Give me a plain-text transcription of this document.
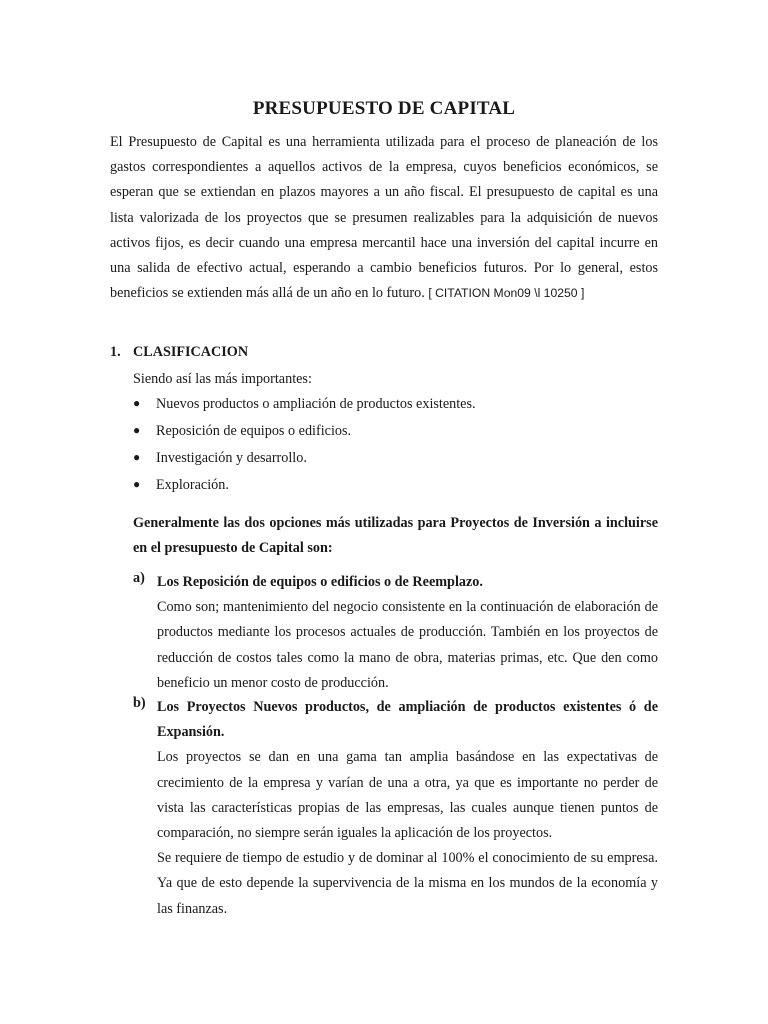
PRESUPUESTO DE CAPITAL
El Presupuesto de Capital es una herramienta utilizada para el proceso de planeación de los gastos correspondientes a aquellos activos de la empresa, cuyos beneficios económicos, se esperan que se extiendan en plazos mayores a un año fiscal. El presupuesto de capital es una lista valorizada de los proyectos que se presumen realizables para la adquisición de nuevos activos fijos, es decir cuando una empresa mercantil hace una inversión del capital incurre en una salida de efectivo actual, esperando a cambio beneficios futuros. Por lo general, estos beneficios se extienden más allá de un año en lo futuro. [ CITATION Mon09 \l 10250 ]
1. CLASIFICACION
Siendo así las más importantes:
● Nuevos productos o ampliación de productos existentes.
● Reposición de equipos o edificios.
● Investigación y desarrollo.
● Exploración.
Generalmente las dos opciones más utilizadas para Proyectos de Inversión a incluirse en el presupuesto de Capital son:
a) Los Reposición de equipos o edificios o de Reemplazo.
Como son; mantenimiento del negocio consistente en la continuación de elaboración de productos mediante los procesos actuales de producción. También en los proyectos de reducción de costos tales como la mano de obra, materias primas, etc. Que den como beneficio un menor costo de producción.
b) Los Proyectos Nuevos productos, de ampliación de productos existentes ó de Expansión.
Los proyectos se dan en una gama tan amplia basándose en las expectativas de crecimiento de la empresa y varían de una a otra, ya que es importante no perder de vista las características propias de las empresas, las cuales aunque tienen puntos de comparación, no siempre serán iguales la aplicación de los proyectos.
Se requiere de tiempo de estudio y de dominar al 100% el conocimiento de su empresa. Ya que de esto depende la supervivencia de la misma en los mundos de la economía y las finanzas.
